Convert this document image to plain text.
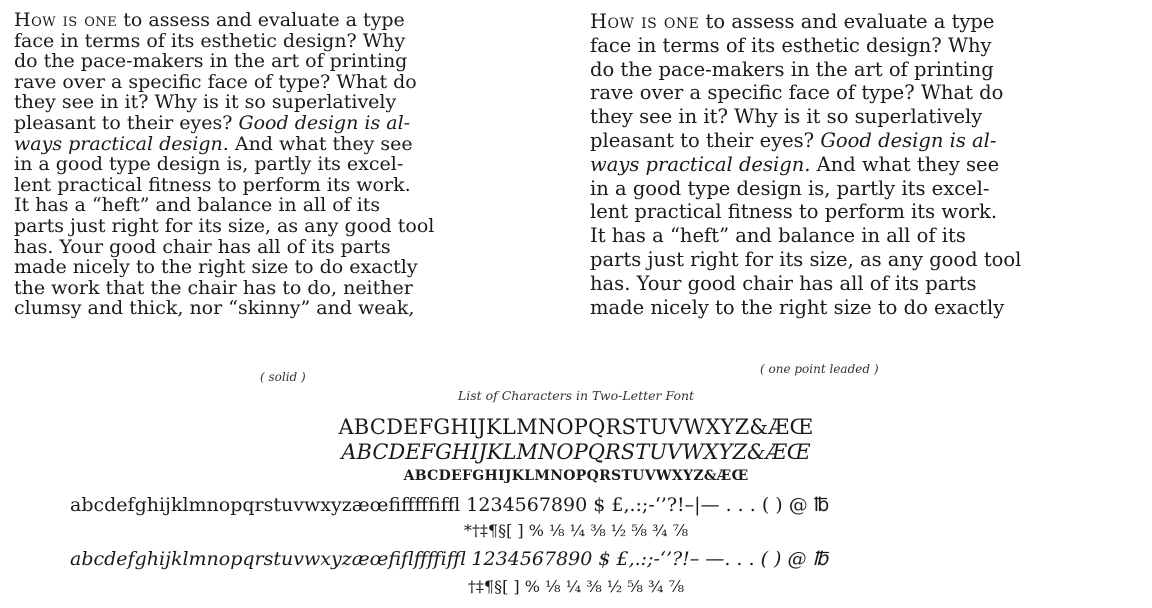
How is one to assess and evaluate a type
face in terms of its esthetic design? Why
do the pace-makers in the art of printing
rave over a specific face of type? What do
they see in it? Why is it so superlatively
pleasant to their eyes? Good design is al-
ways practical design. And what they see
in a good type design is, partly its excel-
lent practical fitness to perform its work.
It has a “heft” and balance in all of its
parts just right for its size, as any good tool
has. Your good chair has all of its parts
made nicely to the right size to do exactly
the work that the chair has to do, neither
clumsy and thick, nor “skinny” and weak,
How is one to assess and evaluate a type
face in terms of its esthetic design? Why
do the pace-makers in the art of printing
rave over a specific face of type? What do
they see in it? Why is it so superlatively
pleasant to their eyes? Good design is al-
ways practical design. And what they see
in a good type design is, partly its excel-
lent practical fitness to perform its work.
It has a “heft” and balance in all of its
parts just right for its size, as any good tool
has. Your good chair has all of its parts
made nicely to the right size to do exactly
( solid )
( one point leaded )
List of Characters in Two-Letter Font
ABCDEFGHIJKLMNOPQRSTUVWXYZ&ÆŒ
ABCDEFGHIJKLMNOPQRSTUVWXYZ&ÆŒ
ABCDEFGHIJKLMNOPQRSTUVWXYZ&ÆŒ
abcdefghijklmnopqrstuvwxyzæœfifffffiffl 1234567890 $ £,.:;-‘’?!–|— . . . ( ) @ ℔
*†‡¶§[ ] % ⅛ ¼ ⅜ ½ ⅝ ¾ ⅞
abcdefghijklmnopqrstuvwxyzæœfiflffffiffl 1234567890 $ £,.:;-‘’?!– —. . . ( ) @ ℔
†‡¶§[ ] % ⅛ ¼ ⅜ ½ ⅝ ¾ ⅞
